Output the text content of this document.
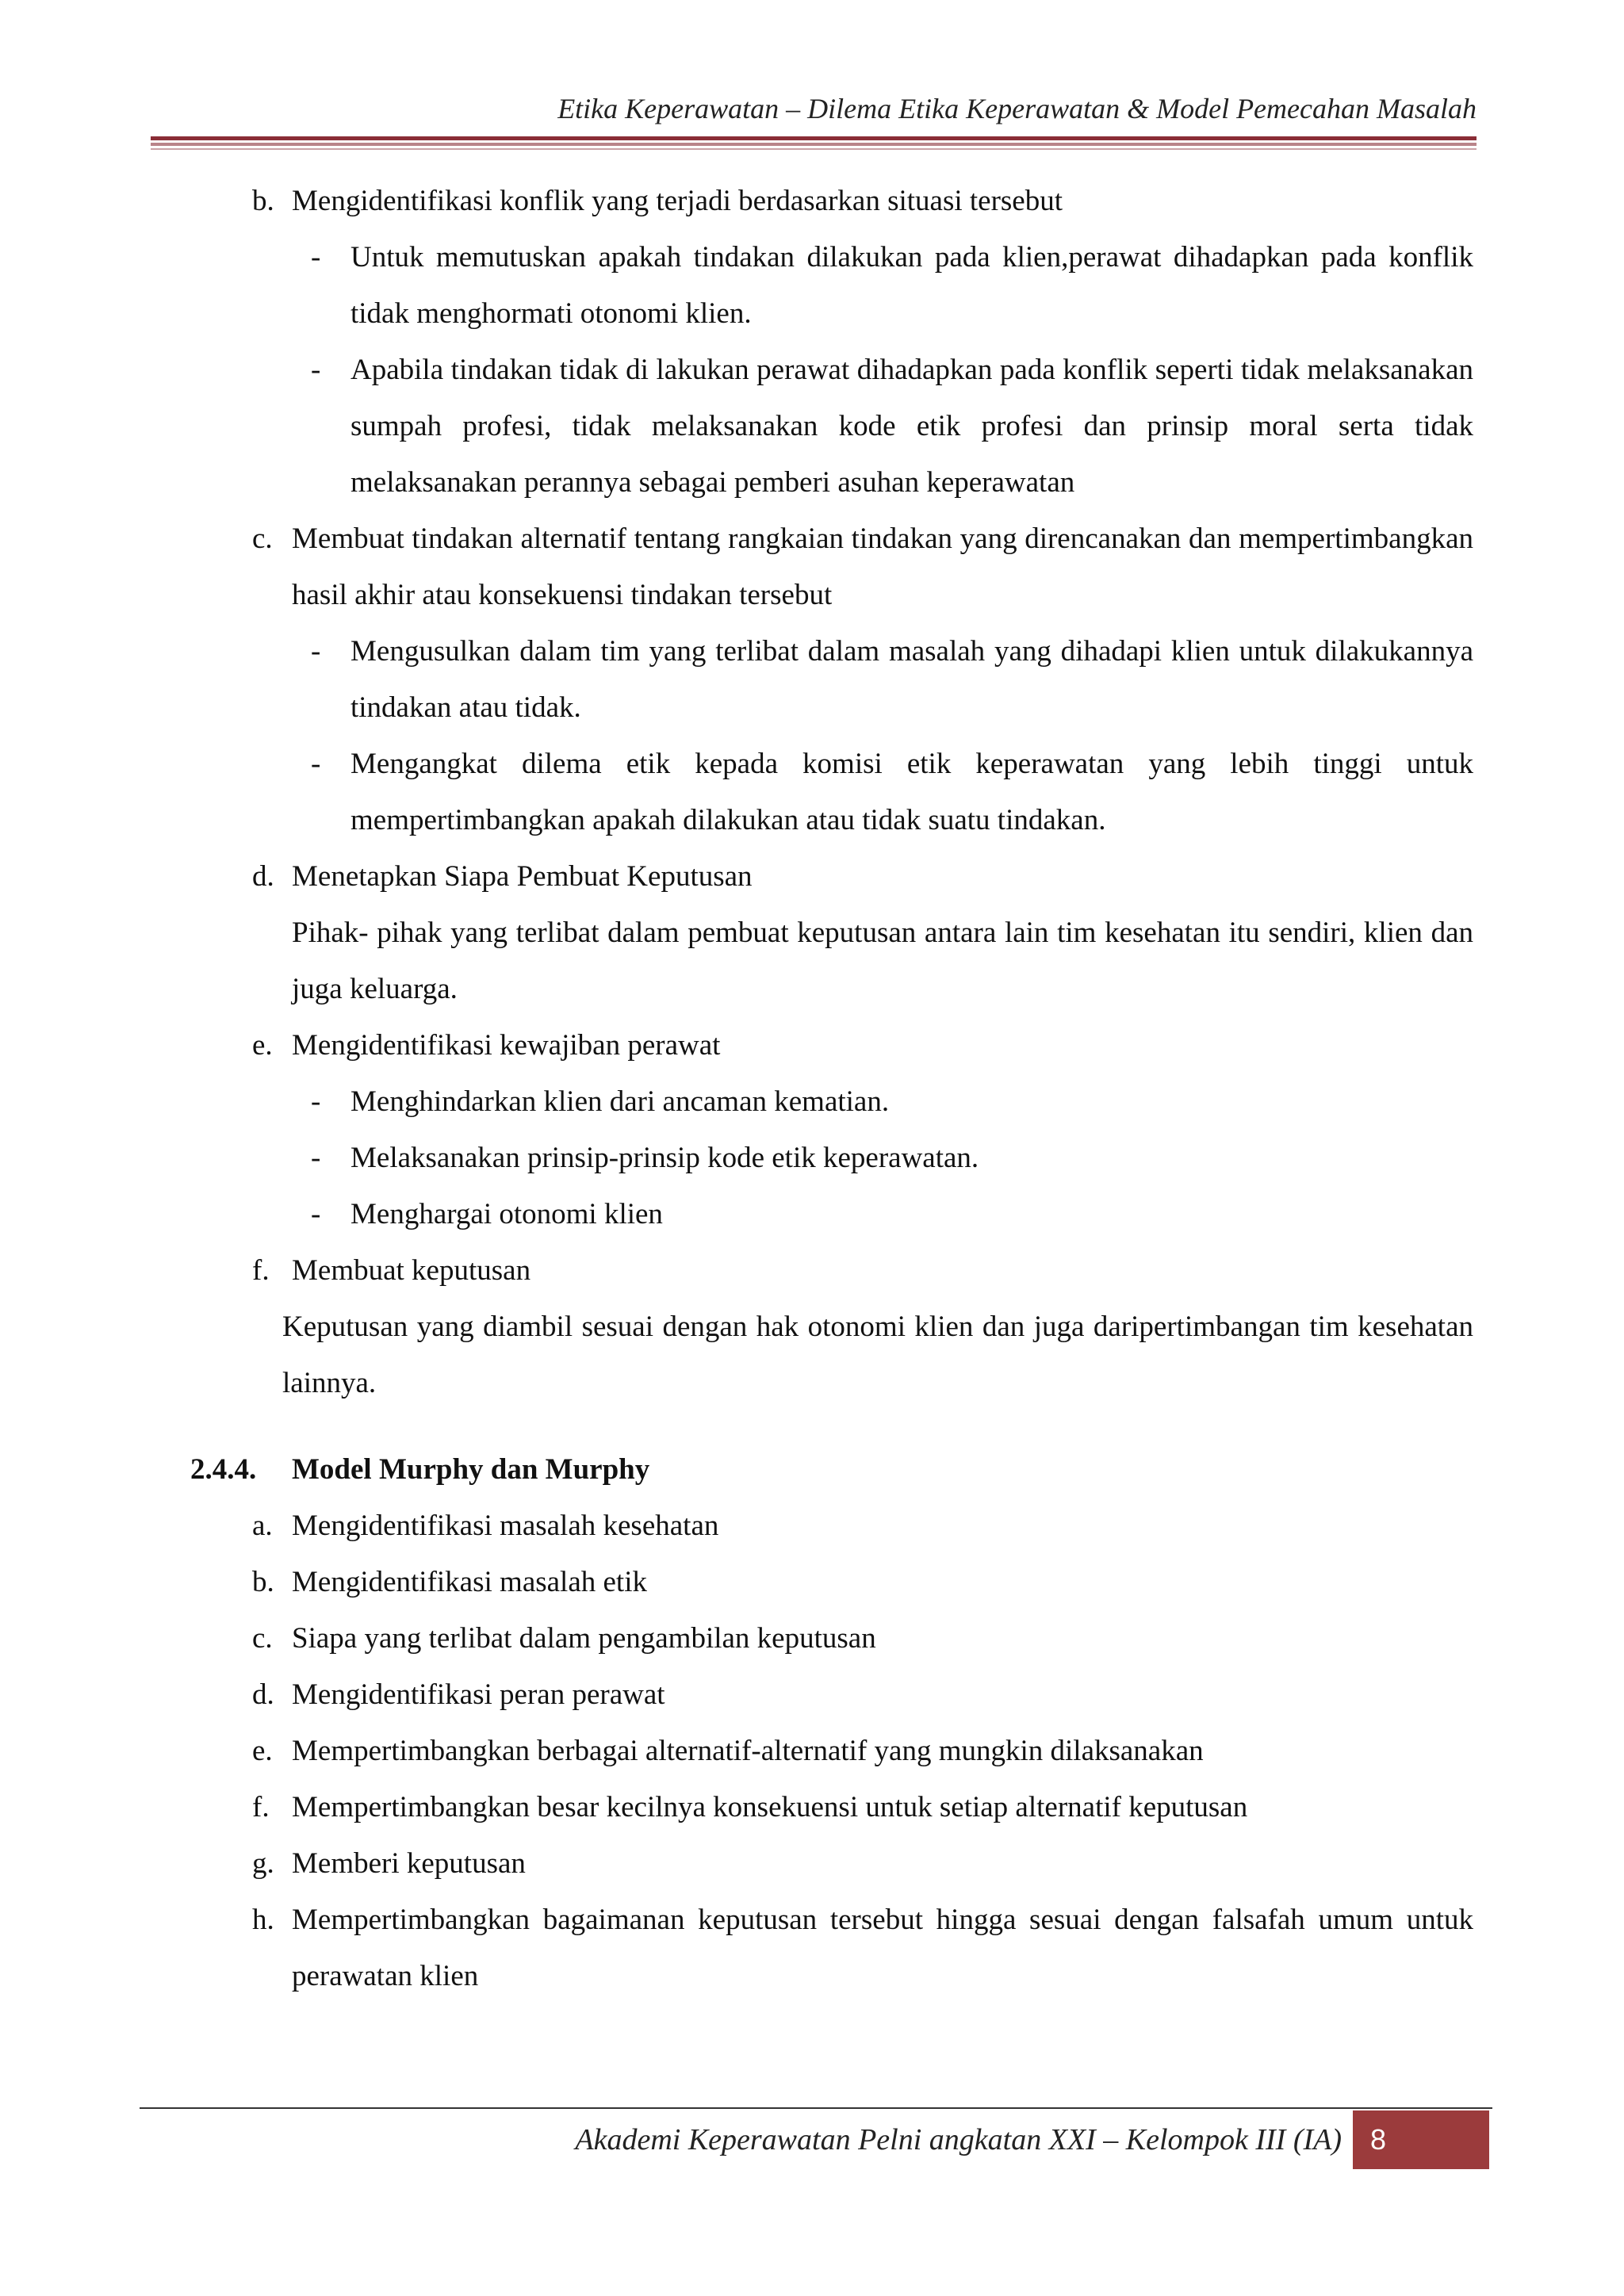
Etika Keperawatan – Dilema Etika Keperawatan & Model Pemecahan Masalah
b. Mengidentifikasi konflik yang terjadi berdasarkan situasi tersebut
- Untuk memutuskan apakah tindakan dilakukan pada klien,perawat dihadapkan pada konflik tidak menghormati otonomi klien.
- Apabila tindakan tidak di lakukan perawat dihadapkan pada konflik seperti tidak melaksanakan sumpah profesi, tidak melaksanakan kode etik profesi dan prinsip moral serta tidak melaksanakan perannya sebagai pemberi asuhan keperawatan
c. Membuat tindakan alternatif tentang rangkaian tindakan yang direncanakan dan mempertimbangkan hasil akhir atau konsekuensi tindakan tersebut
- Mengusulkan dalam tim yang terlibat dalam masalah yang dihadapi klien untuk dilakukannya tindakan atau tidak.
- Mengangkat dilema etik kepada komisi etik keperawatan yang lebih tinggi untuk mempertimbangkan apakah dilakukan atau tidak suatu tindakan.
d. Menetapkan Siapa Pembuat Keputusan
Pihak- pihak yang terlibat dalam pembuat keputusan antara lain tim kesehatan itu sendiri, klien dan juga keluarga.
e. Mengidentifikasi kewajiban perawat
- Menghindarkan klien dari ancaman kematian.
- Melaksanakan prinsip-prinsip kode etik keperawatan.
- Menghargai otonomi klien
f. Membuat keputusan
Keputusan yang diambil sesuai dengan hak otonomi klien dan juga daripertimbangan tim kesehatan lainnya.
2.4.4. Model Murphy dan Murphy
a. Mengidentifikasi masalah kesehatan
b. Mengidentifikasi masalah etik
c. Siapa yang terlibat dalam pengambilan keputusan
d. Mengidentifikasi peran perawat
e. Mempertimbangkan berbagai alternatif-alternatif yang mungkin dilaksanakan
f. Mempertimbangkan besar kecilnya konsekuensi untuk setiap alternatif keputusan
g. Memberi keputusan
h. Mempertimbangkan bagaimanan keputusan tersebut hingga sesuai dengan falsafah umum untuk perawatan klien
Akademi Keperawatan Pelni angkatan XXI – Kelompok III (IA)	8
